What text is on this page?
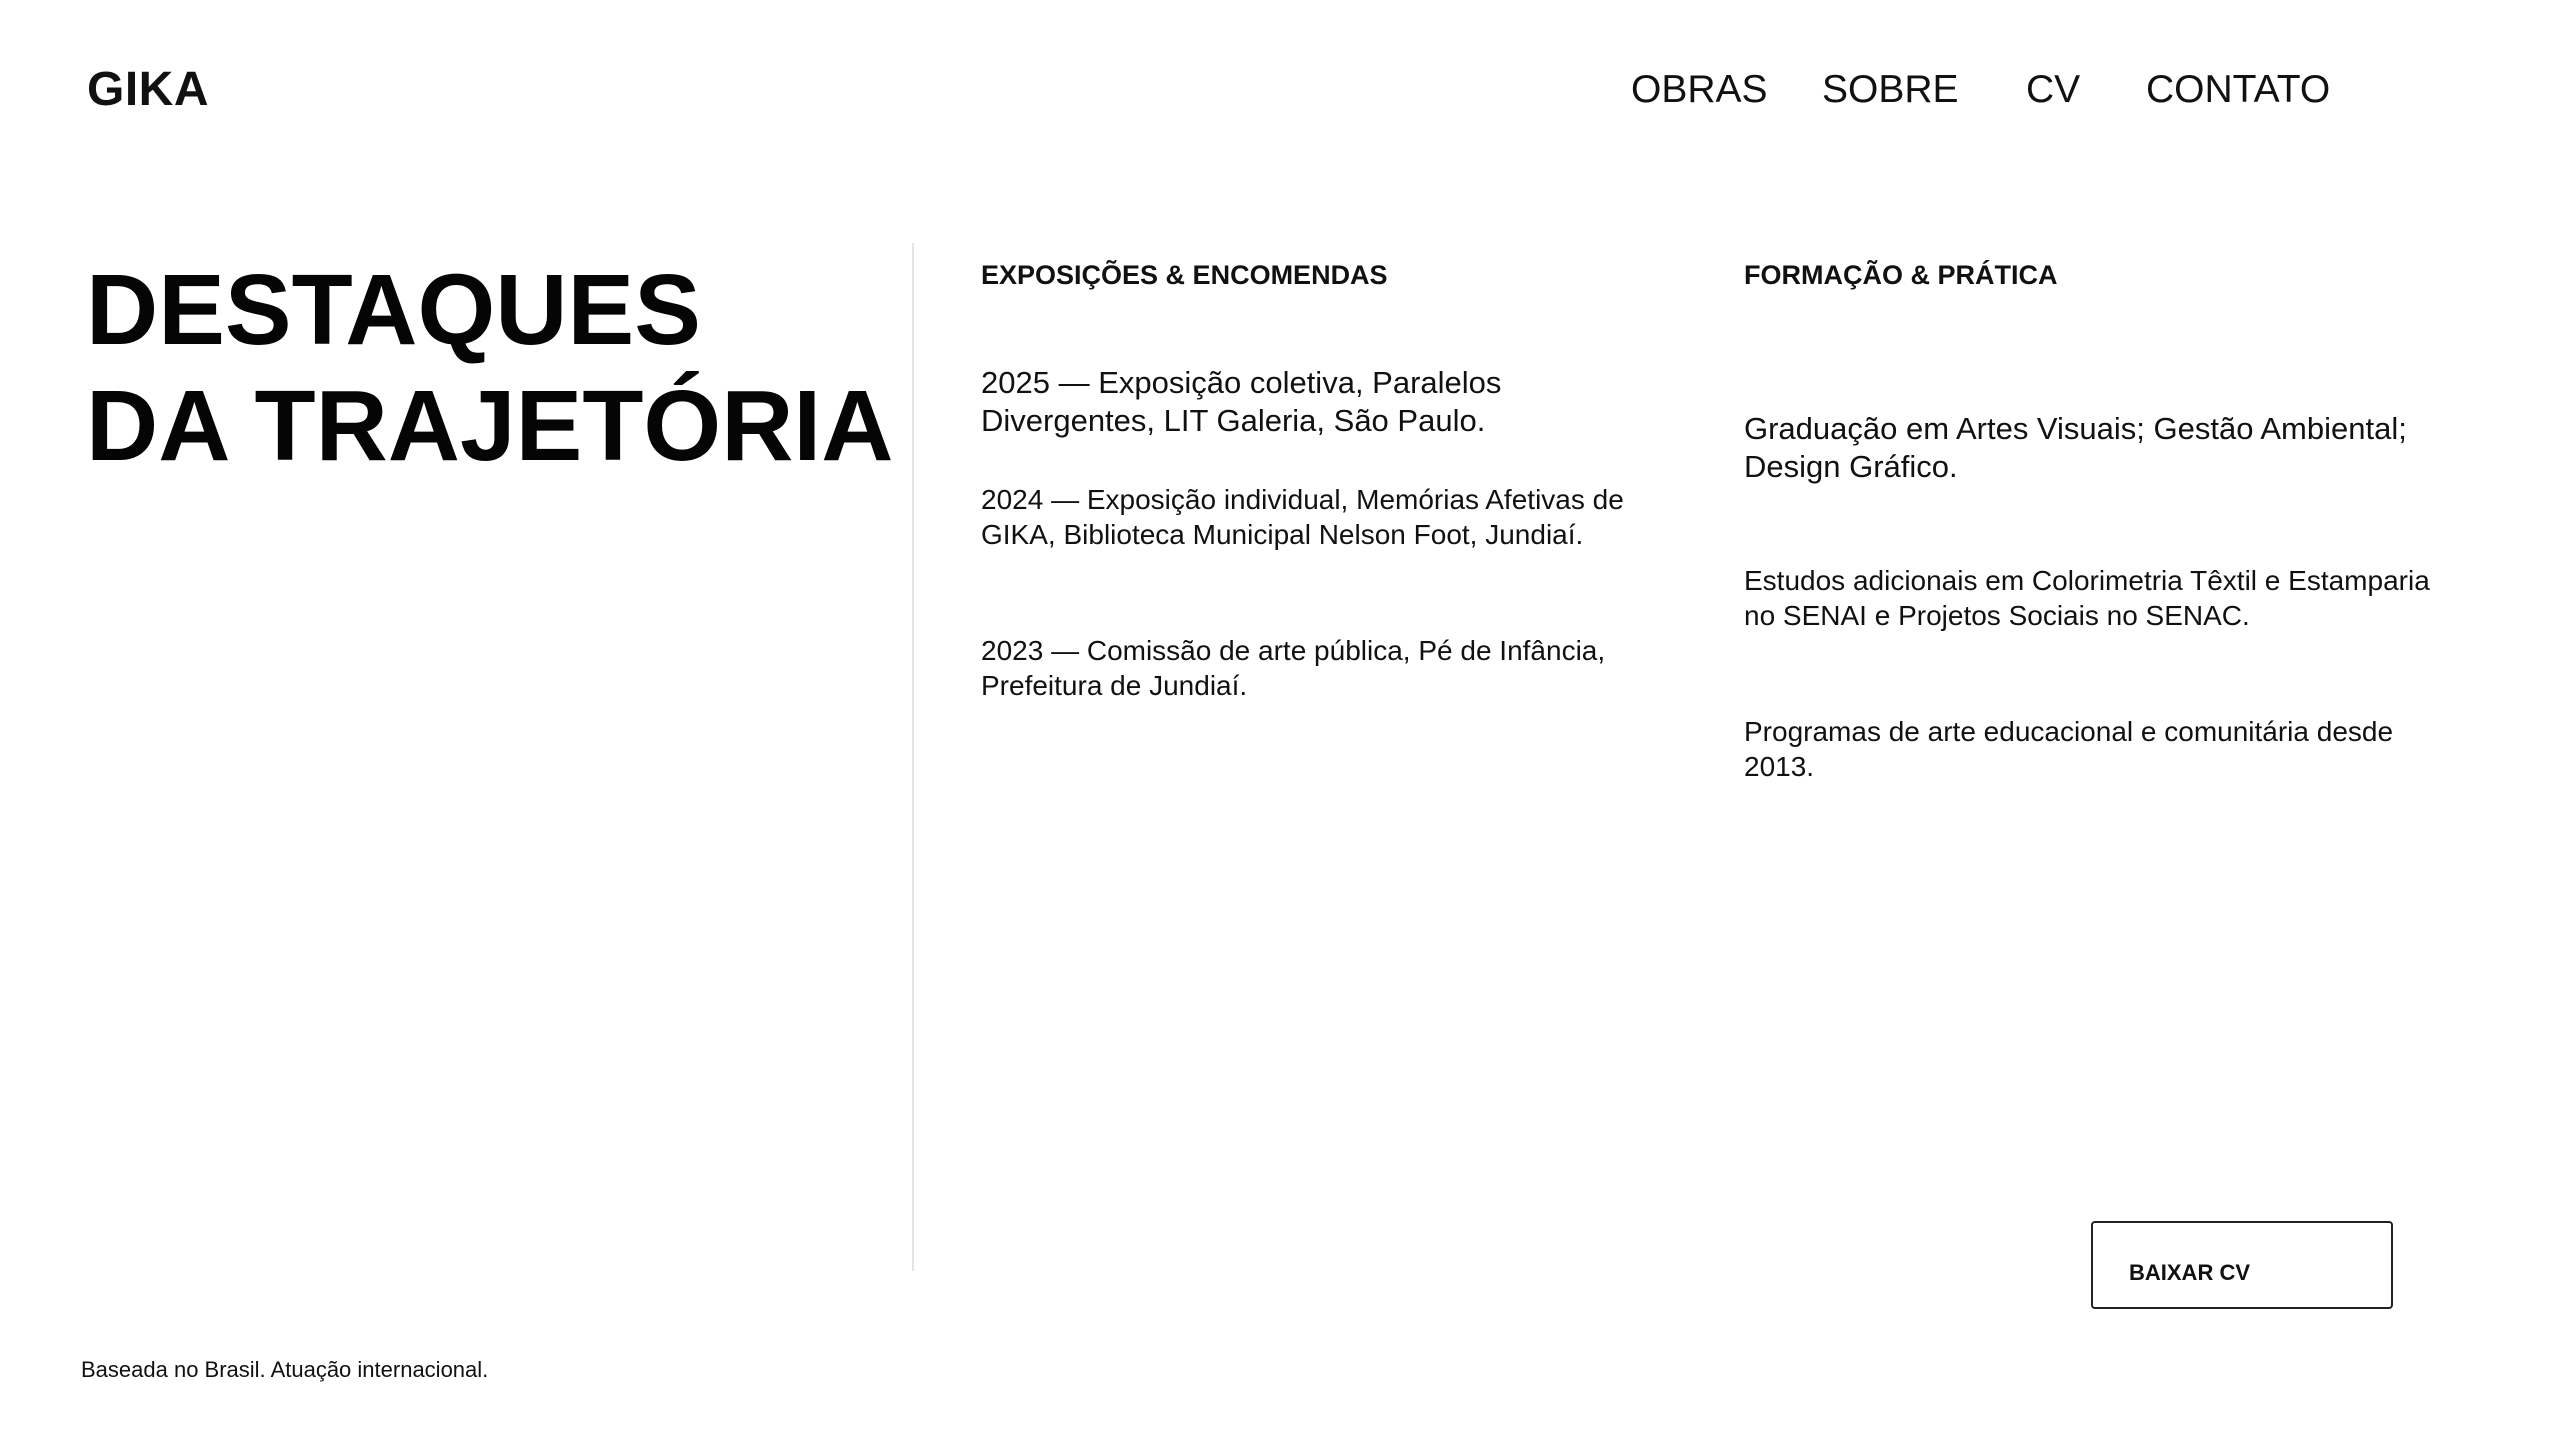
GIKA	OBRAS SOBRE CV CONTATO
DESTAQUES
DA TRAJETÓRIA
EXPOSIÇÕES & ENCOMENDAS

2025 — Exposição coletiva, Paralelos Divergentes, LIT Galeria, São Paulo.

2024 — Exposição individual, Memórias Afetivas de GIKA, Biblioteca Municipal Nelson Foot, Jundiaí.

2023 — Comissão de arte pública, Pé de Infância, Prefeitura de Jundiaí.

FORMAÇÃO & PRÁTICA

Graduação em Artes Visuais; Gestão Ambiental; Design Gráfico.

Estudos adicionais em Colorimetria Têxtil e Estamparia no SENAI e Projetos Sociais no SENAC.

Programas de arte educacional e comunitária desde 2013.

BAIXAR CV

Baseada no Brasil. Atuação internacional.
